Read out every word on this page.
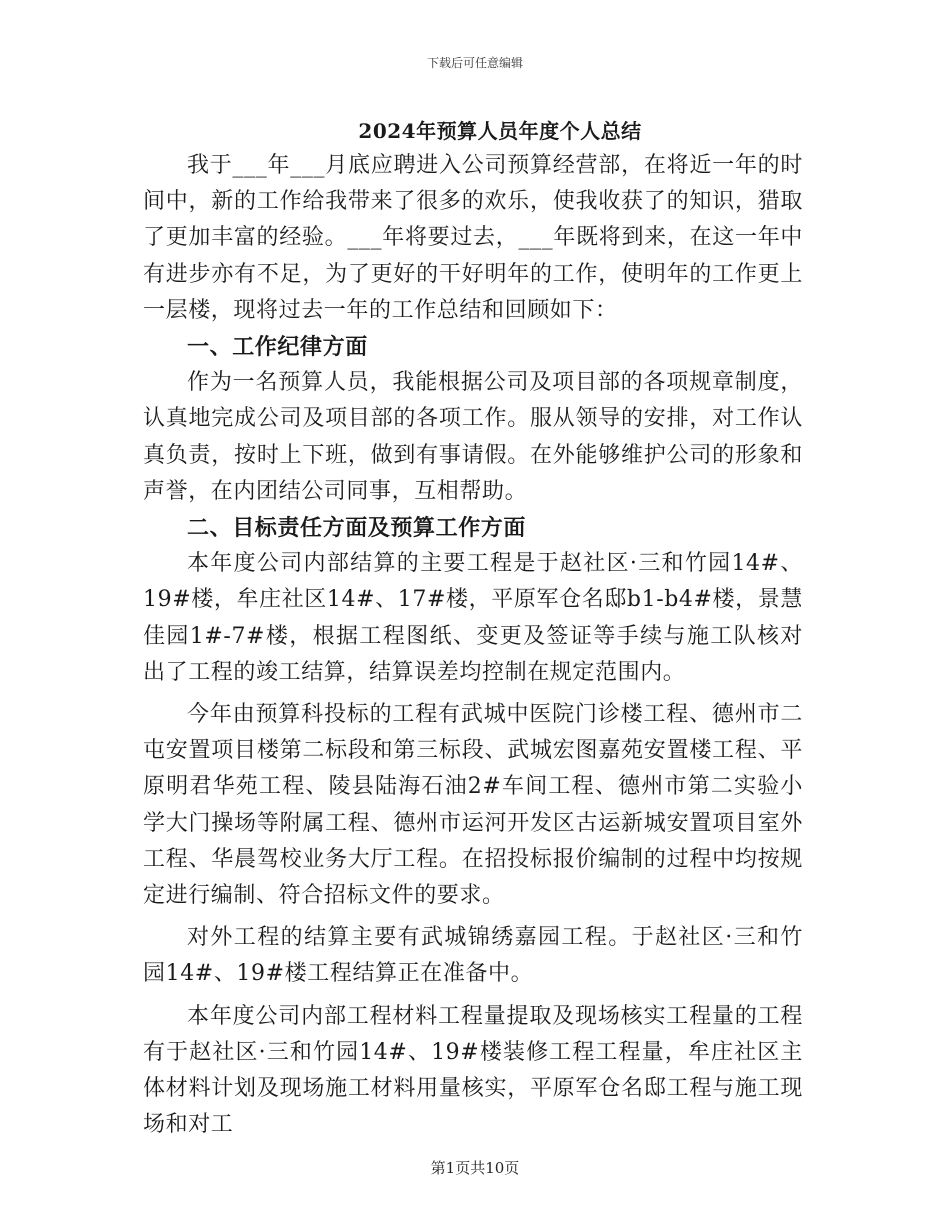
下载后可任意编辑
2024年预算人员年度个人总结

我于___年___月底应聘进入公司预算经营部，在将近一年的时间中，新的工作给我带来了很多的欢乐，使我收获了的知识，猎取了更加丰富的经验。___年将要过去，___年既将到来，在这一年中有进步亦有不足，为了更好的干好明年的工作，使明年的工作更上一层楼，现将过去一年的工作总结和回顾如下：

一、工作纪律方面

作为一名预算人员，我能根据公司及项目部的各项规章制度，认真地完成公司及项目部的各项工作。服从领导的安排，对工作认真负责，按时上下班，做到有事请假。在外能够维护公司的形象和声誉，在内团结公司同事，互相帮助。

二、目标责任方面及预算工作方面

本年度公司内部结算的主要工程是于赵社区·三和竹园14#、19#楼，牟庄社区14#、17#楼，平原军仓名邸b1-b4#楼，景慧佳园1#-7#楼，根据工程图纸、变更及签证等手续与施工队核对出了工程的竣工结算，结算误差均控制在规定范围内。

今年由预算科投标的工程有武城中医院门诊楼工程、德州市二屯安置项目楼第二标段和第三标段、武城宏图嘉苑安置楼工程、平原明君华苑工程、陵县陆海石油2#车间工程、德州市第二实验小学大门操场等附属工程、德州市运河开发区古运新城安置项目室外工程、华晨驾校业务大厅工程。在招投标报价编制的过程中均按规定进行编制、符合招标文件的要求。

对外工程的结算主要有武城锦绣嘉园工程。于赵社区·三和竹园14#、19#楼工程结算正在准备中。

本年度公司内部工程材料工程量提取及现场核实工程量的工程有于赵社区·三和竹园14#、19#楼装修工程工程量，牟庄社区主体材料计划及现场施工材料用量核实，平原军仓名邸工程与施工现场和对工

第1页共10页
